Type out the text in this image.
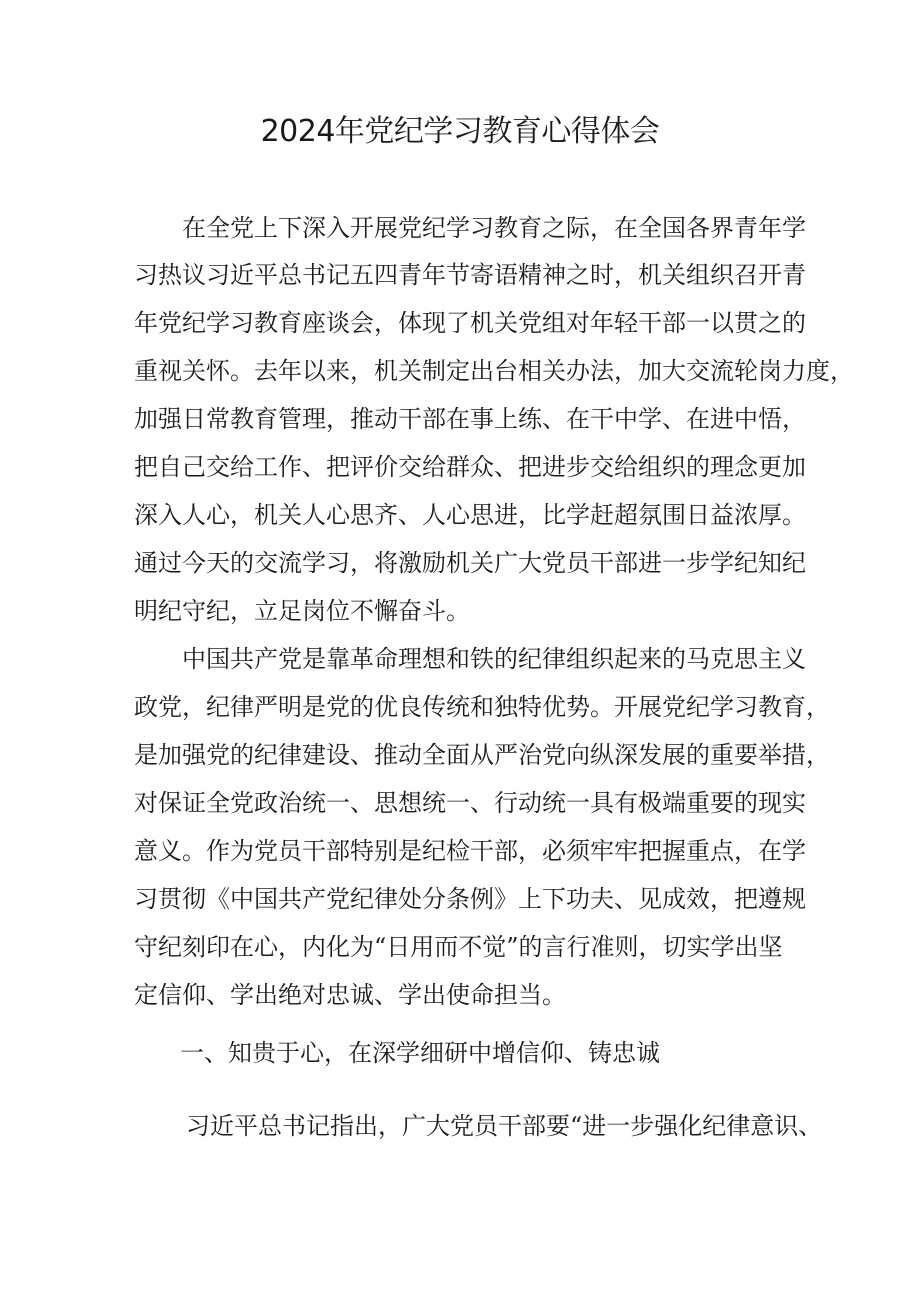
2024年党纪学习教育心得体会

在全党上下深入开展党纪学习教育之际，在全国各界青年学

习热议习近平总书记五四青年节寄语精神之时，机关组织召开青

年党纪学习教育座谈会，体现了机关党组对年轻干部一以贯之的

重视关怀。去年以来，机关制定出台相关办法，加大交流轮岗力度，

加强日常教育管理，推动干部在事上练、在干中学、在进中悟，

把自己交给工作、把评价交给群众、把进步交给组织的理念更加

深入人心，机关人心思齐、人心思进，比学赶超氛围日益浓厚。

通过今天的交流学习，将激励机关广大党员干部进一步学纪知纪

明纪守纪，立足岗位不懈奋斗。

中国共产党是靠革命理想和铁的纪律组织起来的马克思主义

政党，纪律严明是党的优良传统和独特优势。开展党纪学习教育，

是加强党的纪律建设、推动全面从严治党向纵深发展的重要举措，

对保证全党政治统一、思想统一、行动统一具有极端重要的现实

意义。作为党员干部特别是纪检干部，必须牢牢把握重点，在学

习贯彻《中国共产党纪律处分条例》上下功夫、见成效，把遵规

守纪刻印在心，内化为“日用而不觉”的言行准则，切实学出坚

定信仰、学出绝对忠诚、学出使命担当。

一、知贵于心，在深学细研中增信仰、铸忠诚

习近平总书记指出，广大党员干部要“进一步强化纪律意识、
